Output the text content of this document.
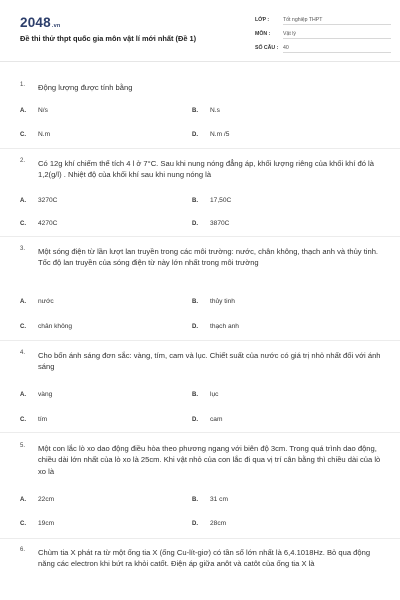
2048.vn
Đề thi thử thpt quốc gia môn vật lí mới nhất (Đề 1)
LỚP :	Tốt nghiệp THPT
MÔN : Vật lý
SỐ CÂU : 40
1. Động lượng được tính bằng
A. N/s	B. N.s
C. N.m	D. N.m /5
2. Có 12g khí chiếm thể tích 4 l ở 7°C. Sau khi nung nóng đẳng áp, khối lượng riêng của khối khí đó là 1,2(g/l) . Nhiệt độ của khối khí sau khi nung nóng là
A. 3270C	B. 17,50C
C. 4270C	D. 3870C
3. Một sóng điện từ lần lượt lan truyền trong các môi trường: nước, chân không, thạch anh và thủy tinh. Tốc độ lan truyền của sóng điện từ này lớn nhất trong môi trường
A. nước	B. thủy tinh
C. chân không	D. thạch anh
4. Cho bốn ánh sáng đơn sắc: vàng, tím, cam và lục. Chiết suất của nước có giá trị nhỏ nhất đối với ánh sáng
A. vàng	B. lục
C. tím	D. cam
5. Một con lắc lò xo dao động điều hòa theo phương ngang với biên độ 3cm. Trong quá trình dao động, chiều dài lớn nhất của lò xo là 25cm. Khi vật nhỏ của con lắc đi qua vị trí cân bằng thì chiều dài của lò xo là
A. 22cm	B. 31 cm
C. 19cm	D. 28cm
6. Chùm tia X phát ra từ một ống tia X (ống Cu-lít-giơ) có tần số lớn nhất là 6,4.1018Hz. Bỏ qua động năng các electron khi bứt ra khỏi catốt. Điện áp giữa anôt và catôt của ống tia X là
